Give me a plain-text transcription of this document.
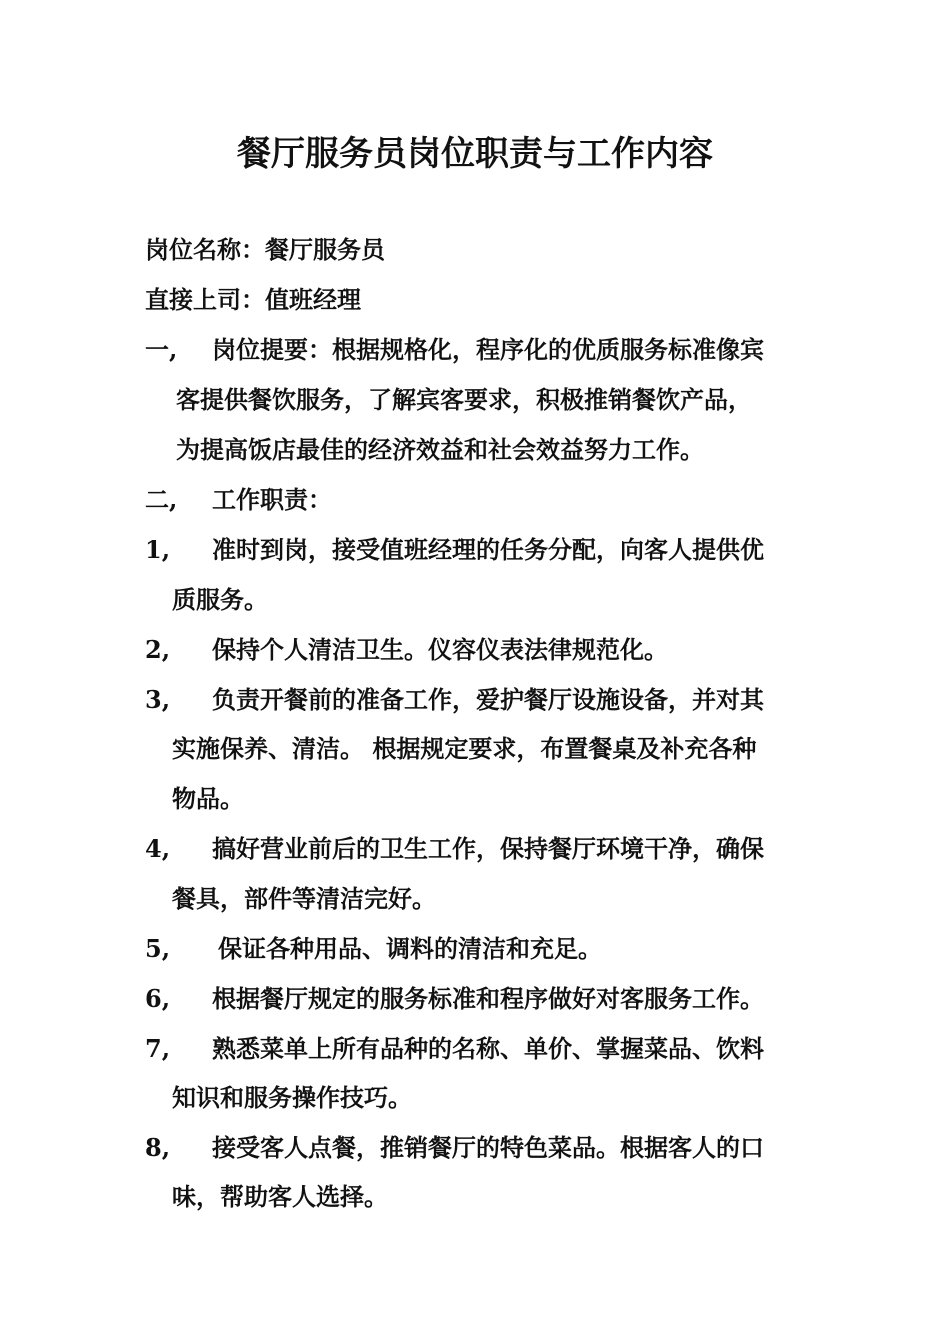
餐厅服务员岗位职责与工作内容
岗位名称：餐厅服务员
直接上司：值班经理
一, 岗位提要：根据规格化，程序化的优质服务标准像宾
客提供餐饮服务，了解宾客要求，积极推销餐饮产品，
为提高饭店最佳的经济效益和社会效益努力工作。
二, 工作职责：
1, 准时到岗，接受值班经理的任务分配，向客人提供优
质服务。
2, 保持个人清洁卫生。仪容仪表法律规范化。
3, 负责开餐前的准备工作，爱护餐厅设施设备，并对其
实施保养、清洁。 根据规定要求，布置餐桌及补充各种
物品。
4, 搞好营业前后的卫生工作，保持餐厅环境干净，确保
餐具，部件等清洁完好。
5, 保证各种用品、调料的清洁和充足。
6, 根据餐厅规定的服务标准和程序做好对客服务工作。
7, 熟悉菜单上所有品种的名称、单价、掌握菜品、饮料
知识和服务操作技巧。
8, 接受客人点餐，推销餐厅的特色菜品。根据客人的口
味，帮助客人选择。
